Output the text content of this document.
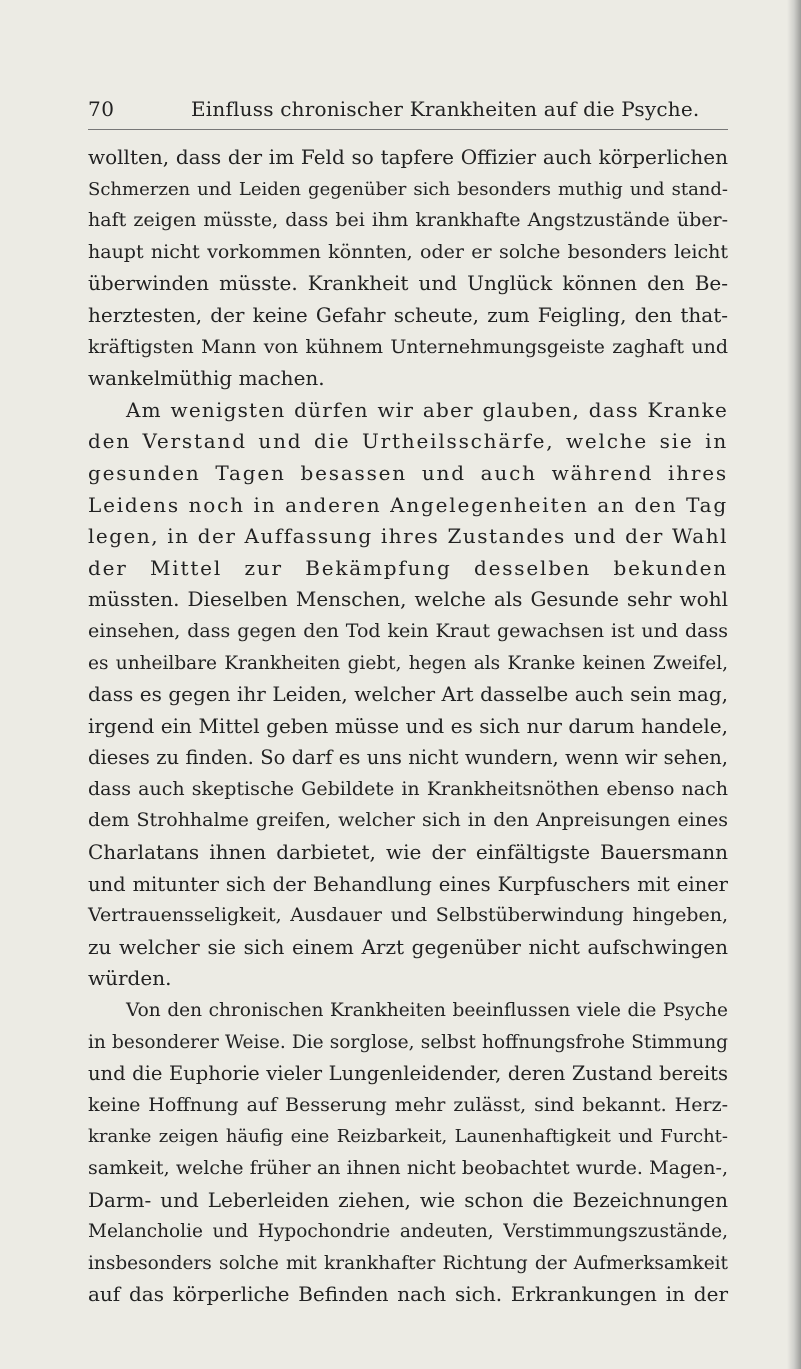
70	Einfluss chronischer Krankheiten auf die Psyche.
wollten, dass der im Feld so tapfere Offizier auch körperlichen
Schmerzen und Leiden gegenüber sich besonders muthig und stand-
haft zeigen müsste, dass bei ihm krankhafte Angstzustände über-
haupt nicht vorkommen könnten, oder er solche besonders leicht
überwinden müsste. Krankheit und Unglück können den Be-
herztesten, der keine Gefahr scheute, zum Feigling, den that-
kräftigsten Mann von kühnem Unternehmungsgeiste zaghaft und
wankelmüthig machen.
Am wenigsten dürfen wir aber glauben, dass Kranke
den Verstand und die Urtheilsschärfe, welche sie in
gesunden Tagen besassen und auch während ihres
Leidens noch in anderen Angelegenheiten an den Tag
legen, in der Auffassung ihres Zustandes und der Wahl
der Mittel zur Bekämpfung desselben bekunden
müssten. Dieselben Menschen, welche als Gesunde sehr wohl
einsehen, dass gegen den Tod kein Kraut gewachsen ist und dass
es unheilbare Krankheiten giebt, hegen als Kranke keinen Zweifel,
dass es gegen ihr Leiden, welcher Art dasselbe auch sein mag,
irgend ein Mittel geben müsse und es sich nur darum handele,
dieses zu finden. So darf es uns nicht wundern, wenn wir sehen,
dass auch skeptische Gebildete in Krankheitsnöthen ebenso nach
dem Strohhalme greifen, welcher sich in den Anpreisungen eines
Charlatans ihnen darbietet, wie der einfältigste Bauersmann
und mitunter sich der Behandlung eines Kurpfuschers mit einer
Vertrauensseligkeit, Ausdauer und Selbstüberwindung hingeben,
zu welcher sie sich einem Arzt gegenüber nicht aufschwingen
würden.
Von den chronischen Krankheiten beeinflussen viele die Psyche
in besonderer Weise. Die sorglose, selbst hoffnungsfrohe Stimmung
und die Euphorie vieler Lungenleidender, deren Zustand bereits
keine Hoffnung auf Besserung mehr zulässt, sind bekannt. Herz-
kranke zeigen häufig eine Reizbarkeit, Launenhaftigkeit und Furcht-
samkeit, welche früher an ihnen nicht beobachtet wurde. Magen-,
Darm- und Leberleiden ziehen, wie schon die Bezeichnungen
Melancholie und Hypochondrie andeuten, Verstimmungszustände,
insbesonders solche mit krankhafter Richtung der Aufmerksamkeit
auf das körperliche Befinden nach sich. Erkrankungen in der
